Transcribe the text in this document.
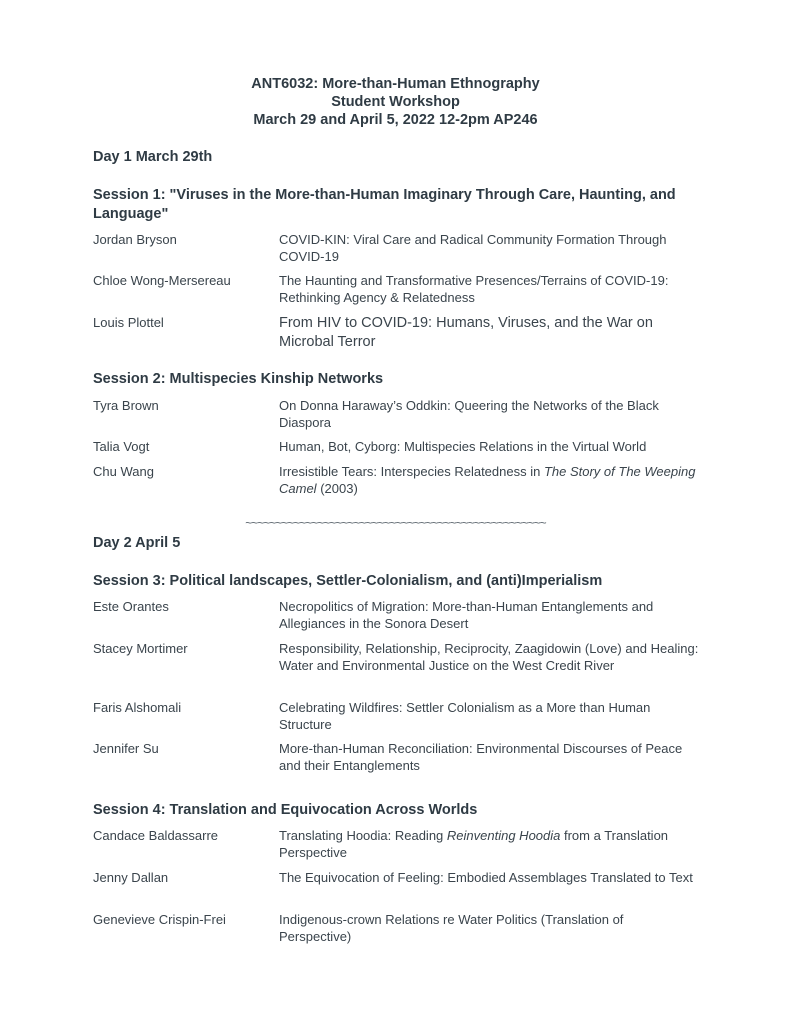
ANT6032: More-than-Human Ethnography
Student Workshop
March 29 and April 5, 2022 12-2pm AP246
Day 1 March 29th
Session 1: "Viruses in the More-than-Human Imaginary Through Care, Haunting, and Language"
Jordan Bryson	COVID-KIN: Viral Care and Radical Community Formation Through COVID-19
Chloe Wong-Mersereau	The Haunting and Transformative Presences/Terrains of COVID-19: Rethinking Agency & Relatedness
Louis Plottel	From HIV to COVID-19: Humans, Viruses, and the War on Microbal Terror
Session 2: Multispecies Kinship Networks
Tyra Brown	On Donna Haraway’s Oddkin: Queering the Networks of the Black Diaspora
Talia Vogt	Human, Bot, Cyborg: Multispecies Relations in the Virtual World
Chu Wang	Irresistible Tears: Interspecies Relatedness in The Story of The Weeping Camel (2003)
~~~~~~~~~~~~~~~~~~~~~~~~~~~~~~~~~~~~~~~~~~~~~~~~~~
Day 2 April 5
Session 3: Political landscapes, Settler-Colonialism, and (anti)Imperialism
Este Orantes	Necropolitics of Migration: More-than-Human Entanglements and Allegiances in the Sonora Desert
Stacey Mortimer	Responsibility, Relationship, Reciprocity, Zaagidowin (Love) and Healing: Water and Environmental Justice on the West Credit River
Faris Alshomali	Celebrating Wildfires: Settler Colonialism as a More than Human Structure
Jennifer Su	More-than-Human Reconciliation: Environmental Discourses of Peace and their Entanglements
Session 4: Translation and Equivocation Across Worlds
Candace Baldassarre	Translating Hoodia: Reading Reinventing Hoodia from a Translation Perspective
Jenny Dallan	The Equivocation of Feeling: Embodied Assemblages Translated to Text
Genevieve Crispin-Frei	Indigenous-crown Relations re Water Politics (Translation of Perspective)
